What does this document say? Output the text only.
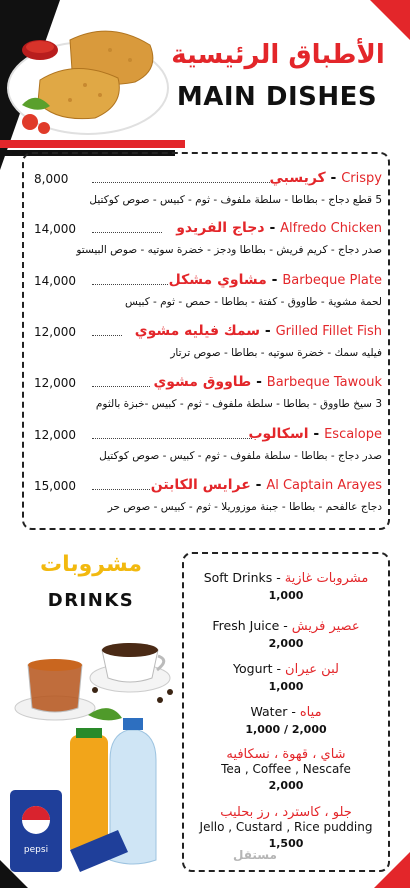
الأطباق الرئيسية
MAIN DISHES
8,000	كريسبي - Crispy
5 قطع دجاج - بطاطا - سلطة ملفوف - ثوم - كبيس - صوص كوكتيل
14,000	دجاج الفريدو - Alfredo Chicken
صدر دجاج - كريم فريش - بطاطا ودجز - خضرة سوتيه - صوص البيستو
14,000	مشاوي مشكل - Barbeque Plate
لحمة مشوية - طاووق - كفتة - بطاطا - حمص - ثوم - كبيس
12,000	سمك فيليه مشوي - Grilled Fillet Fish
فيليه سمك - خضرة سوتيه - بطاطا - صوص ترتار
12,000	طاووق مشوي - Barbeque Tawouk
3 سيخ طاووق - بطاطا - سلطة ملفوف - ثوم - كبيس -خبزة بالثوم
12,000	اسكالوب - Escalope
صدر دجاج - بطاطا - سلطة ملفوف - ثوم - كبيس - صوص كوكتيل
15,000	عرايس الكابتن - Al Captain Arayes
دجاج عالفحم - بطاطا - جبنة موزوريلا - ثوم - كبيس - صوص حر
مشروبات
DRINKS
pepsi
Soft Drinks - مشروبات غازية
1,000
Fresh Juice - عصير فريش
2,000
Yogurt - لبن عيران
1,000
Water - مياه
1,000 / 2,000
شاي ، قهوة ، نسكافيه
Tea , Coffee , Nescafe
2,000
جلو ، كاسترد ، رز بحليب
Jello , Custard , Rice pudding
1,500
مستقل
